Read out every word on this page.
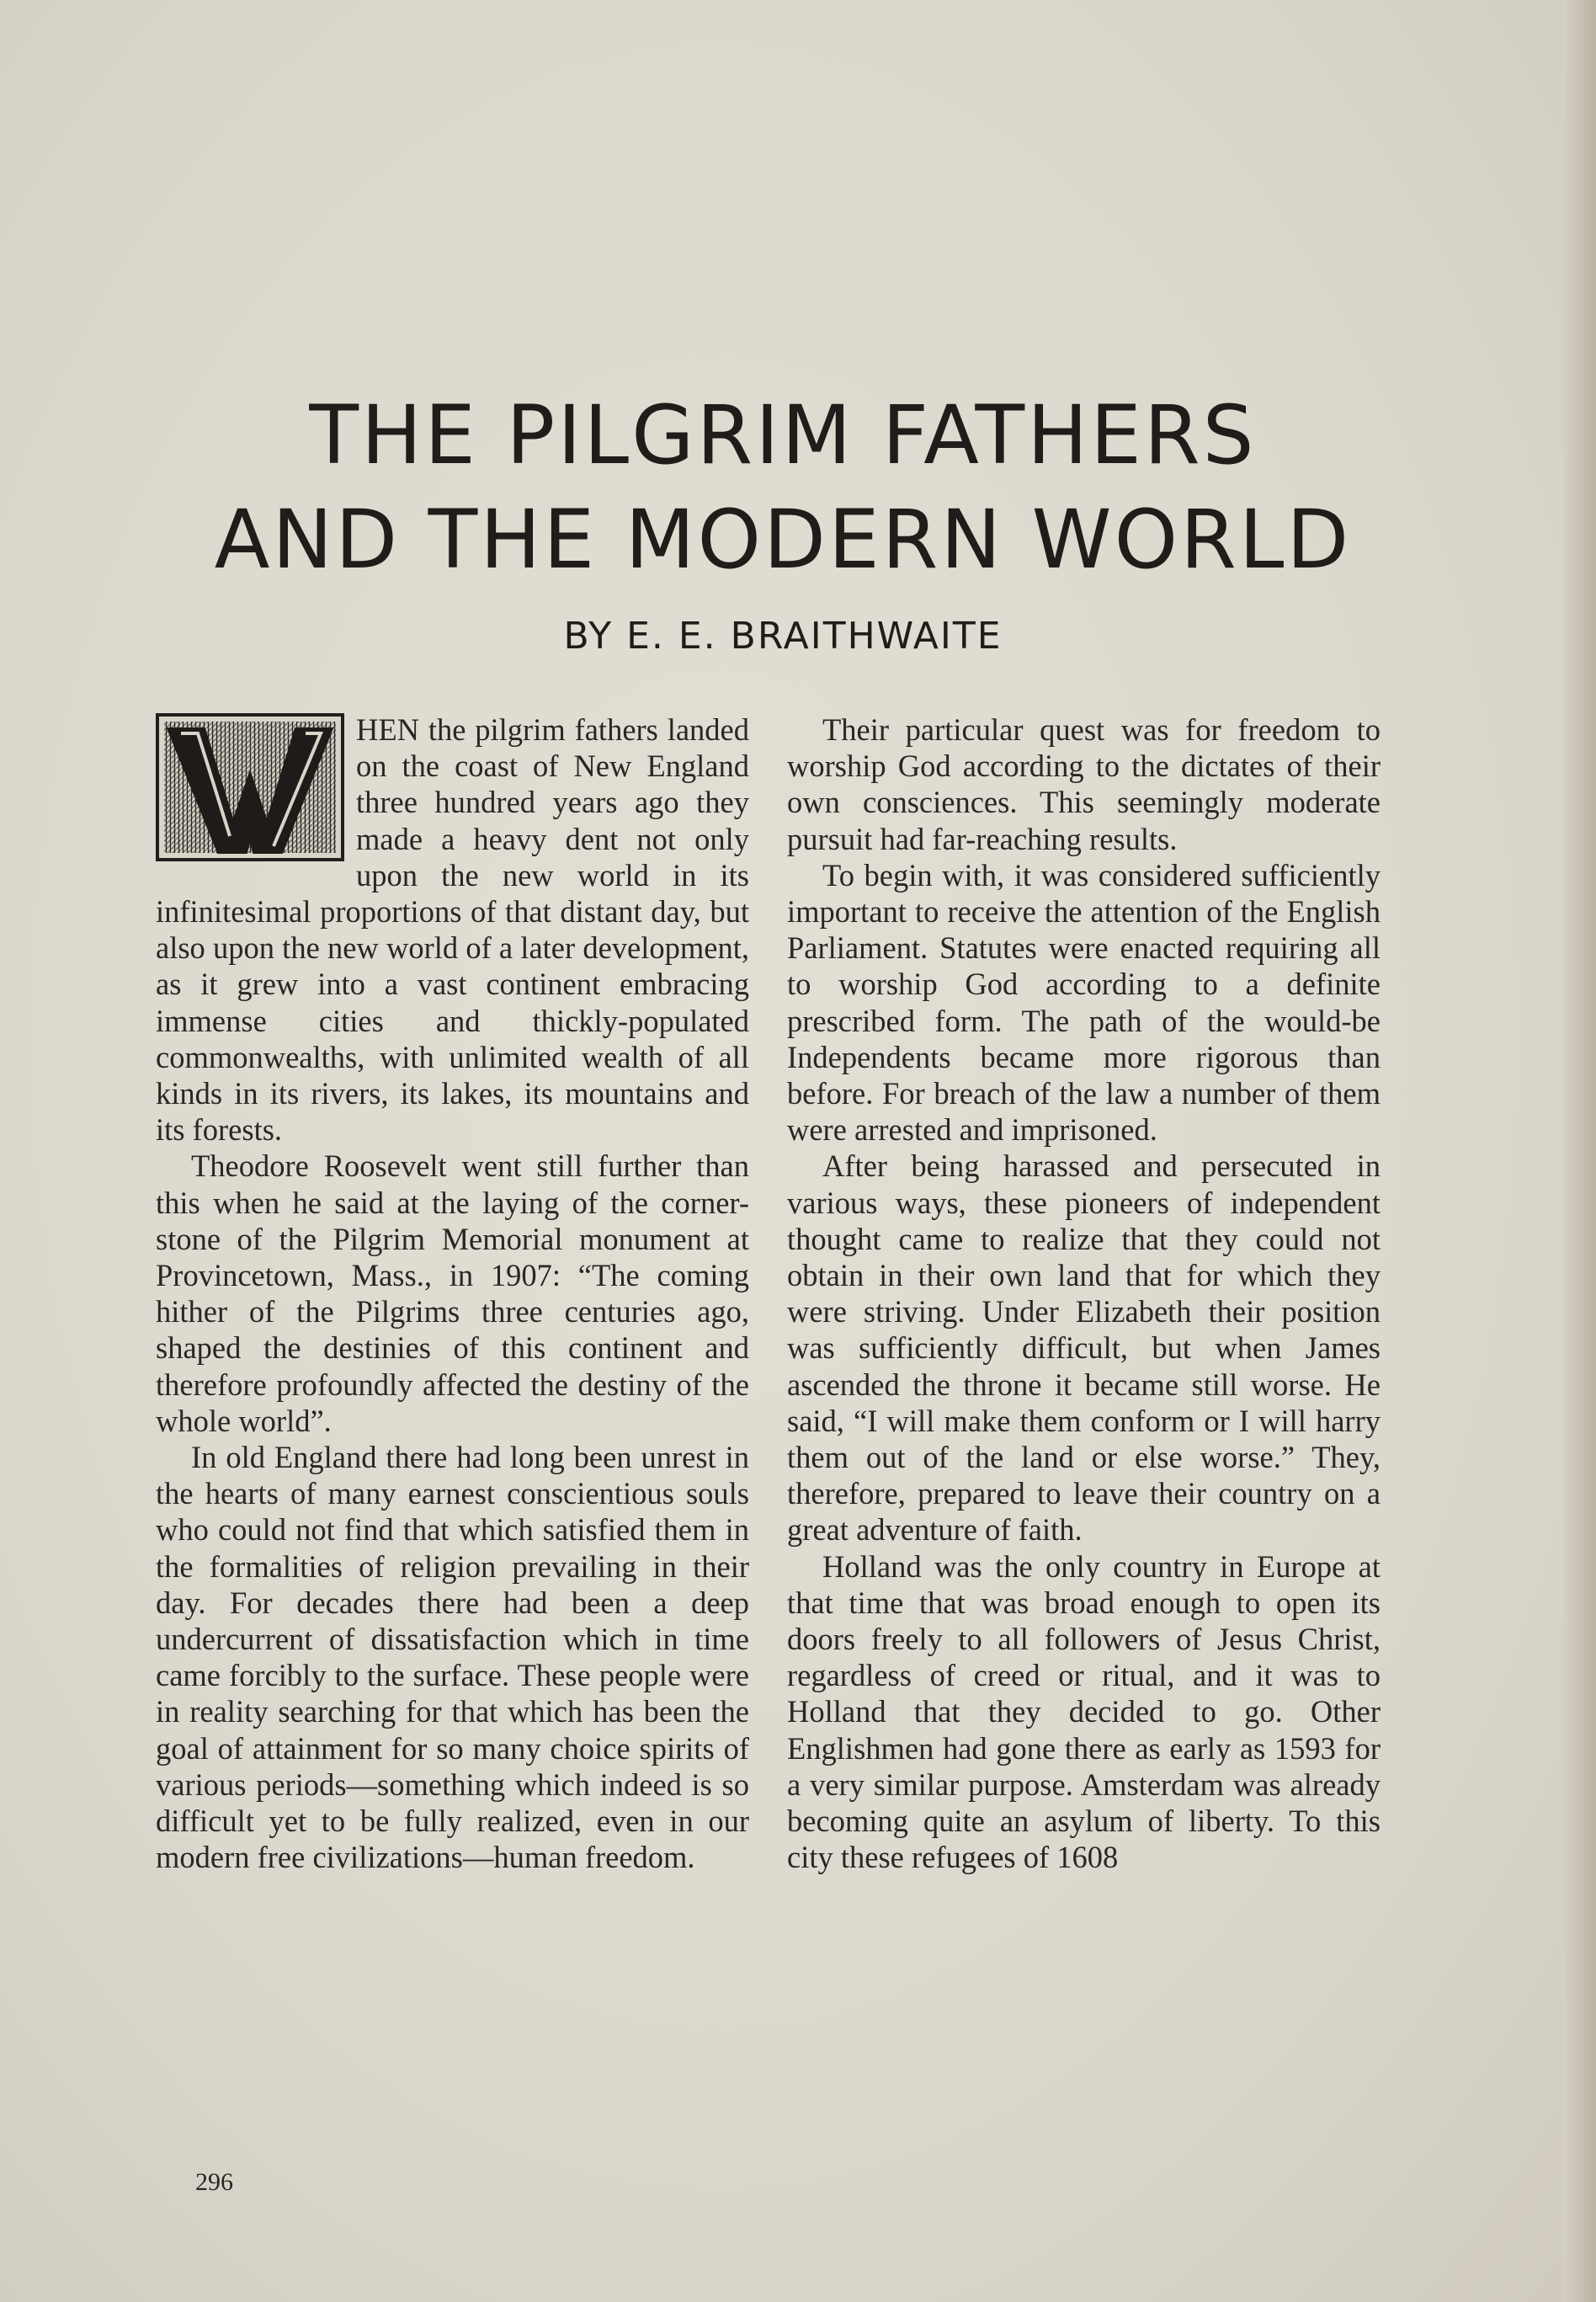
THE PILGRIM FATHERS
AND THE MODERN WORLD

BY E. E. BRAITHWAITE

HEN the pilgrim fathers landed on the coast of New England three hundred years ago they made a heavy dent not only upon the new world in its infinitesimal proportions of that distant day, but also upon the new world of a later development, as it grew into a vast continent embracing immense cities and thickly-populated commonwealths, with unlimited wealth of all kinds in its rivers, its lakes, its mountains and its forests.

Theodore Roosevelt went still further than this when he said at the laying of the corner-stone of the Pilgrim Memorial monument at Provincetown, Mass., in 1907: “The coming hither of the Pilgrims three centuries ago, shaped the destinies of this continent and therefore profoundly affected the destiny of the whole world”.

In old England there had long been unrest in the hearts of many earnest conscientious souls who could not find that which satisfied them in the formalities of religion prevailing in their day. For decades there had been a deep undercurrent of dissatisfaction which in time came forcibly to the surface. These people were in reality searching for that which has been the goal of attainment for so many choice spirits of various periods—something which indeed is so difficult yet to be fully realized, even in our modern free civilizations—human freedom.

Their particular quest was for freedom to worship God according to the dictates of their own consciences. This seemingly moderate pursuit had far-reaching results.

To begin with, it was considered sufficiently important to receive the attention of the English Parliament. Statutes were enacted requiring all to worship God according to a definite prescribed form. The path of the would-be Independents became more rigorous than before. For breach of the law a number of them were arrested and imprisoned.

After being harassed and persecuted in various ways, these pioneers of independent thought came to realize that they could not obtain in their own land that for which they were striving. Under Elizabeth their position was sufficiently difficult, but when James ascended the throne it became still worse. He said, “I will make them conform or I will harry them out of the land or else worse.” They, therefore, prepared to leave their country on a great adventure of faith.

Holland was the only country in Europe at that time that was broad enough to open its doors freely to all followers of Jesus Christ, regardless of creed or ritual, and it was to Holland that they decided to go. Other Englishmen had gone there as early as 1593 for a very similar purpose. Amsterdam was already becoming quite an asylum of liberty. To this city these refugees of 1608

296
